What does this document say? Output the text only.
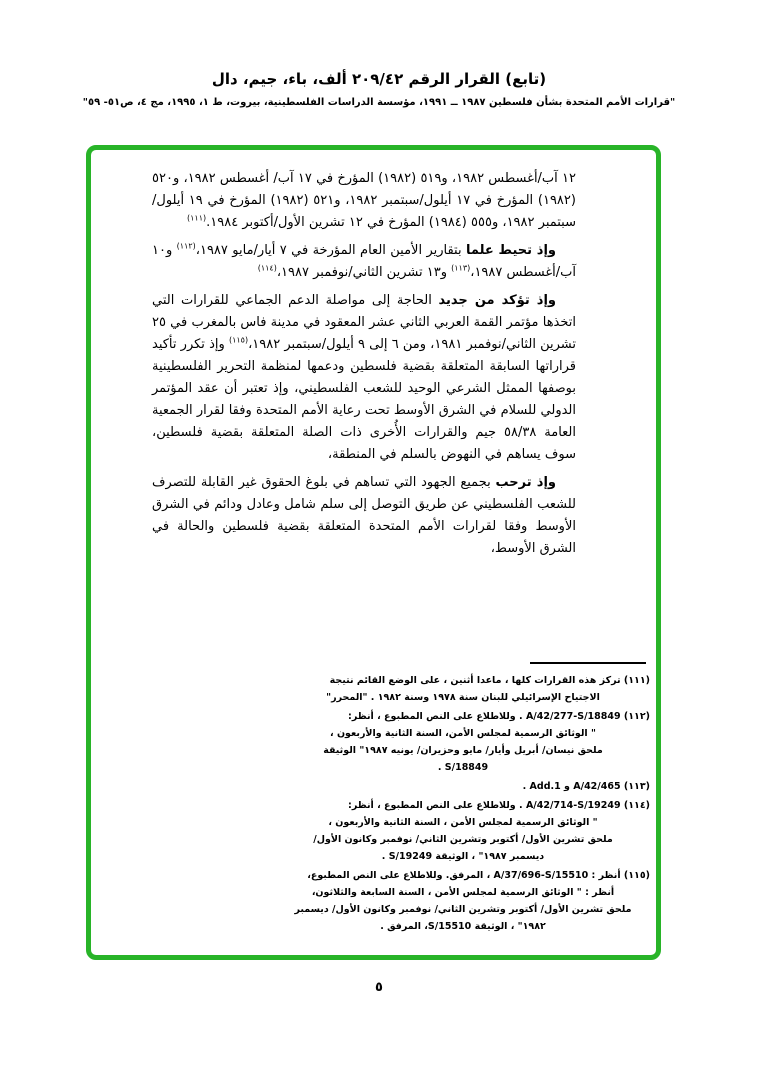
(تابع) القرار الرقم ٢٠٩/٤٢ ألف، باء، جيم، دال
"قرارات الأمم المتحدة بشأن فلسطين ١٩٨٧ ــ ١٩٩١، مؤسسة الدراسات الفلسطينية، بيروت، ط ١، ١٩٩٥، مج ٤، ص٥١- ٥٩"

١٢ آب/أغسطس ١٩٨٢، و٥١٩ (١٩٨٢) المؤرخ في ١٧ آب/ أغسطس ١٩٨٢، و٥٢٠ (١٩٨٢) المؤرخ في ١٧ أيلول/سبتمبر ١٩٨٢، و٥٢١ (١٩٨٢) المؤرخ في ١٩ أيلول/سبتمبر ١٩٨٢، و٥٥٥ (١٩٨٤) المؤرخ في ١٢ تشرين الأول/أكتوبر ١٩٨٤.$^{(١١١)}$

وإذ تحيط علما بتقارير الأمين العام المؤرخة في ٧ أيار/مايو ١٩٨٧،$^{(١١٢)}$ و١٠ آب/أغسطس ١٩٨٧،$^{(١١٣)}$ و١٣ تشرين الثاني/نوفمبر ١٩٨٧،$^{(١١٤)}$

وإذ تؤكد من جديد الحاجة إلى مواصلة الدعم الجماعي للقرارات التي اتخذها مؤتمر القمة العربي الثاني عشر المعقود في مدينة فاس بالمغرب في ٢٥ تشرين الثاني/نوفمبر ١٩٨١، ومن ٦ إلى ٩ أيلول/سبتمبر ١٩٨٢،$^{(١١٥)}$ وإذ تكرر تأكيد قراراتها السابقة المتعلقة بقضية فلسطين ودعمها لمنظمة التحرير الفلسطينية بوصفها الممثل الشرعي الوحيد للشعب الفلسطيني، وإذ تعتبر أن عقد المؤتمر الدولي للسلام في الشرق الأوسط تحت رعاية الأمم المتحدة وفقا لقرار الجمعية العامة ٥٨/٣٨ جيم والقرارات الأُخرى ذات الصلة المتعلقة بقضية فلسطين، سوف يساهم في النهوض بالسلم في المنطقة،

وإذ ترحب بجميع الجهود التي تساهم في بلوغ الحقوق غير القابلة للتصرف للشعب الفلسطيني عن طريق التوصل إلى سلم شامل وعادل ودائم في الشرق الأوسط وفقا لقرارات الأمم المتحدة المتعلقة بقضية فلسطين والحالة في الشرق الأوسط،

(١١١) تركز هذه القرارات كلها ، ماعدا أثنين ، على الوضع القائم نتيجة
الاجتياح الإسرائيلي للبنان سنة ١٩٧٨ وسنة ١٩٨٢ . "المحرر"
(١١٢) A/42/277-S/18849 . وللاطلاع على النص المطبوع ، أنظر:
" الوثائق الرسمية لمجلس الأمن، السنة الثانية والأربعون ،
ملحق نيسان/ أبريل وأيار/ مايو وحزيران/ يونيه ١٩٨٧" الوثيقة
S/18849 .
(١١٣) A/42/465 و Add.1 .
(١١٤) A/42/714-S/19249 . وللاطلاع على النص المطبوع ، أنظر:
" الوثائق الرسمية لمجلس الأمن ، السنة الثانية والأربعون ،
ملحق تشرين الأول/ أكتوبر وتشرين الثاني/ نوفمبر وكانون الأول/
ديسمبر ١٩٨٧" ، الوثيقة S/19249 .
(١١٥) أنظر : A/37/696-S/15510 ، المرفق. وللاطلاع على النص المطبوع،
أنظر : " الوثائق الرسمية لمجلس الأمن ، السنة السابعة والثلاثون،
ملحق تشرين الأول/ أكتوبر وتشرين الثاني/ نوفمبر وكانون الأول/ ديسمبر
١٩٨٢" ، الوثيقة S/15510، المرفق .
٥
